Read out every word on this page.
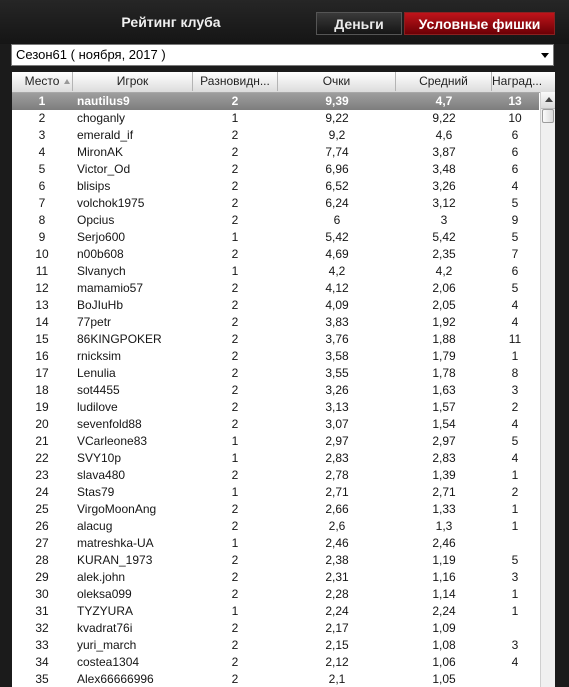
Рейтинг клуба	Деньги	Условные фишки
Сезон61 ( ноября, 2017 )
Место	Игрок	Разновидн...	Очки	Средний	Наград...
1	nautilus9	2	9,39	4,7	13
2	choganly	1	9,22	9,22	10
3	emerald_if	2	9,2	4,6	6
4	MironAK	2	7,74	3,87	6
5	Victor_Od	2	6,96	3,48	6
6	blisips	2	6,52	3,26	4
7	volchok1975	2	6,24	3,12	5
8	Opcius	2	6	3	9
9	Serjo600	1	5,42	5,42	5
10	n00b608	2	4,69	2,35	7
11	Slvanych	1	4,2	4,2	6
12	mamamio57	2	4,12	2,06	5
13	BoJIuHb	2	4,09	2,05	4
14	77petr	2	3,83	1,92	4
15	86KINGPOKER	2	3,76	1,88	11
16	rnicksim	2	3,58	1,79	1
17	Lenulia	2	3,55	1,78	8
18	sot4455	2	3,26	1,63	3
19	ludilove	2	3,13	1,57	2
20	sevenfold88	2	3,07	1,54	4
21	VCarleone83	1	2,97	2,97	5
22	SVY10p	1	2,83	2,83	4
23	slava480	2	2,78	1,39	1
24	Stas79	1	2,71	2,71	2
25	VirgoMoonAng	2	2,66	1,33	1
26	alacug	2	2,6	1,3	1
27	matreshka-UA	1	2,46	2,46
28	KURAN_1973	2	2,38	1,19	5
29	alek.john	2	2,31	1,16	3
30	oleksa099	2	2,28	1,14	1
31	TYZYURA	1	2,24	2,24	1
32	kvadrat76i	2	2,17	1,09
33	yuri_march	2	2,15	1,08	3
34	costea1304	2	2,12	1,06	4
35	Alex66666996	2	2,1	1,05
